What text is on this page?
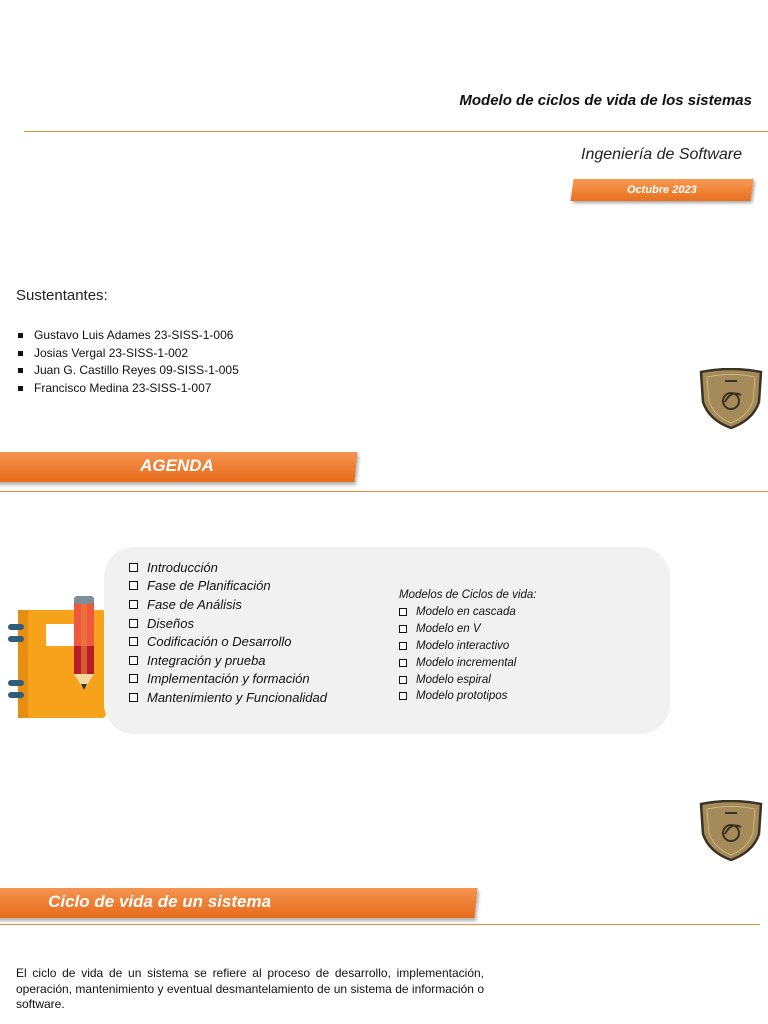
Modelo de ciclos de vida de los sistemas
Ingeniería de Software
Octubre 2023
Sustentantes:
Gustavo Luis Adames 23-SISS-1-006
Josias Vergal 23-SISS-1-002
Juan G. Castillo Reyes 09-SISS-1-005
Francisco Medina 23-SISS-1-007
AGENDA
Introducción
Fase de Planificación
Fase de Análisis
Diseños
Codificación o Desarrollo
Integración y prueba
Implementación y formación
Mantenimiento y Funcionalidad
Modelos de Ciclos de vida:
Modelo en cascada
Modelo en V
Modelo interactivo
Modelo incremental
Modelo espiral
Modelo prototipos
Ciclo de vida de un sistema

El ciclo de vida de un sistema se refiere al proceso de desarrollo, implementación, operación, mantenimiento y eventual desmantelamiento de un sistema de información o software.
